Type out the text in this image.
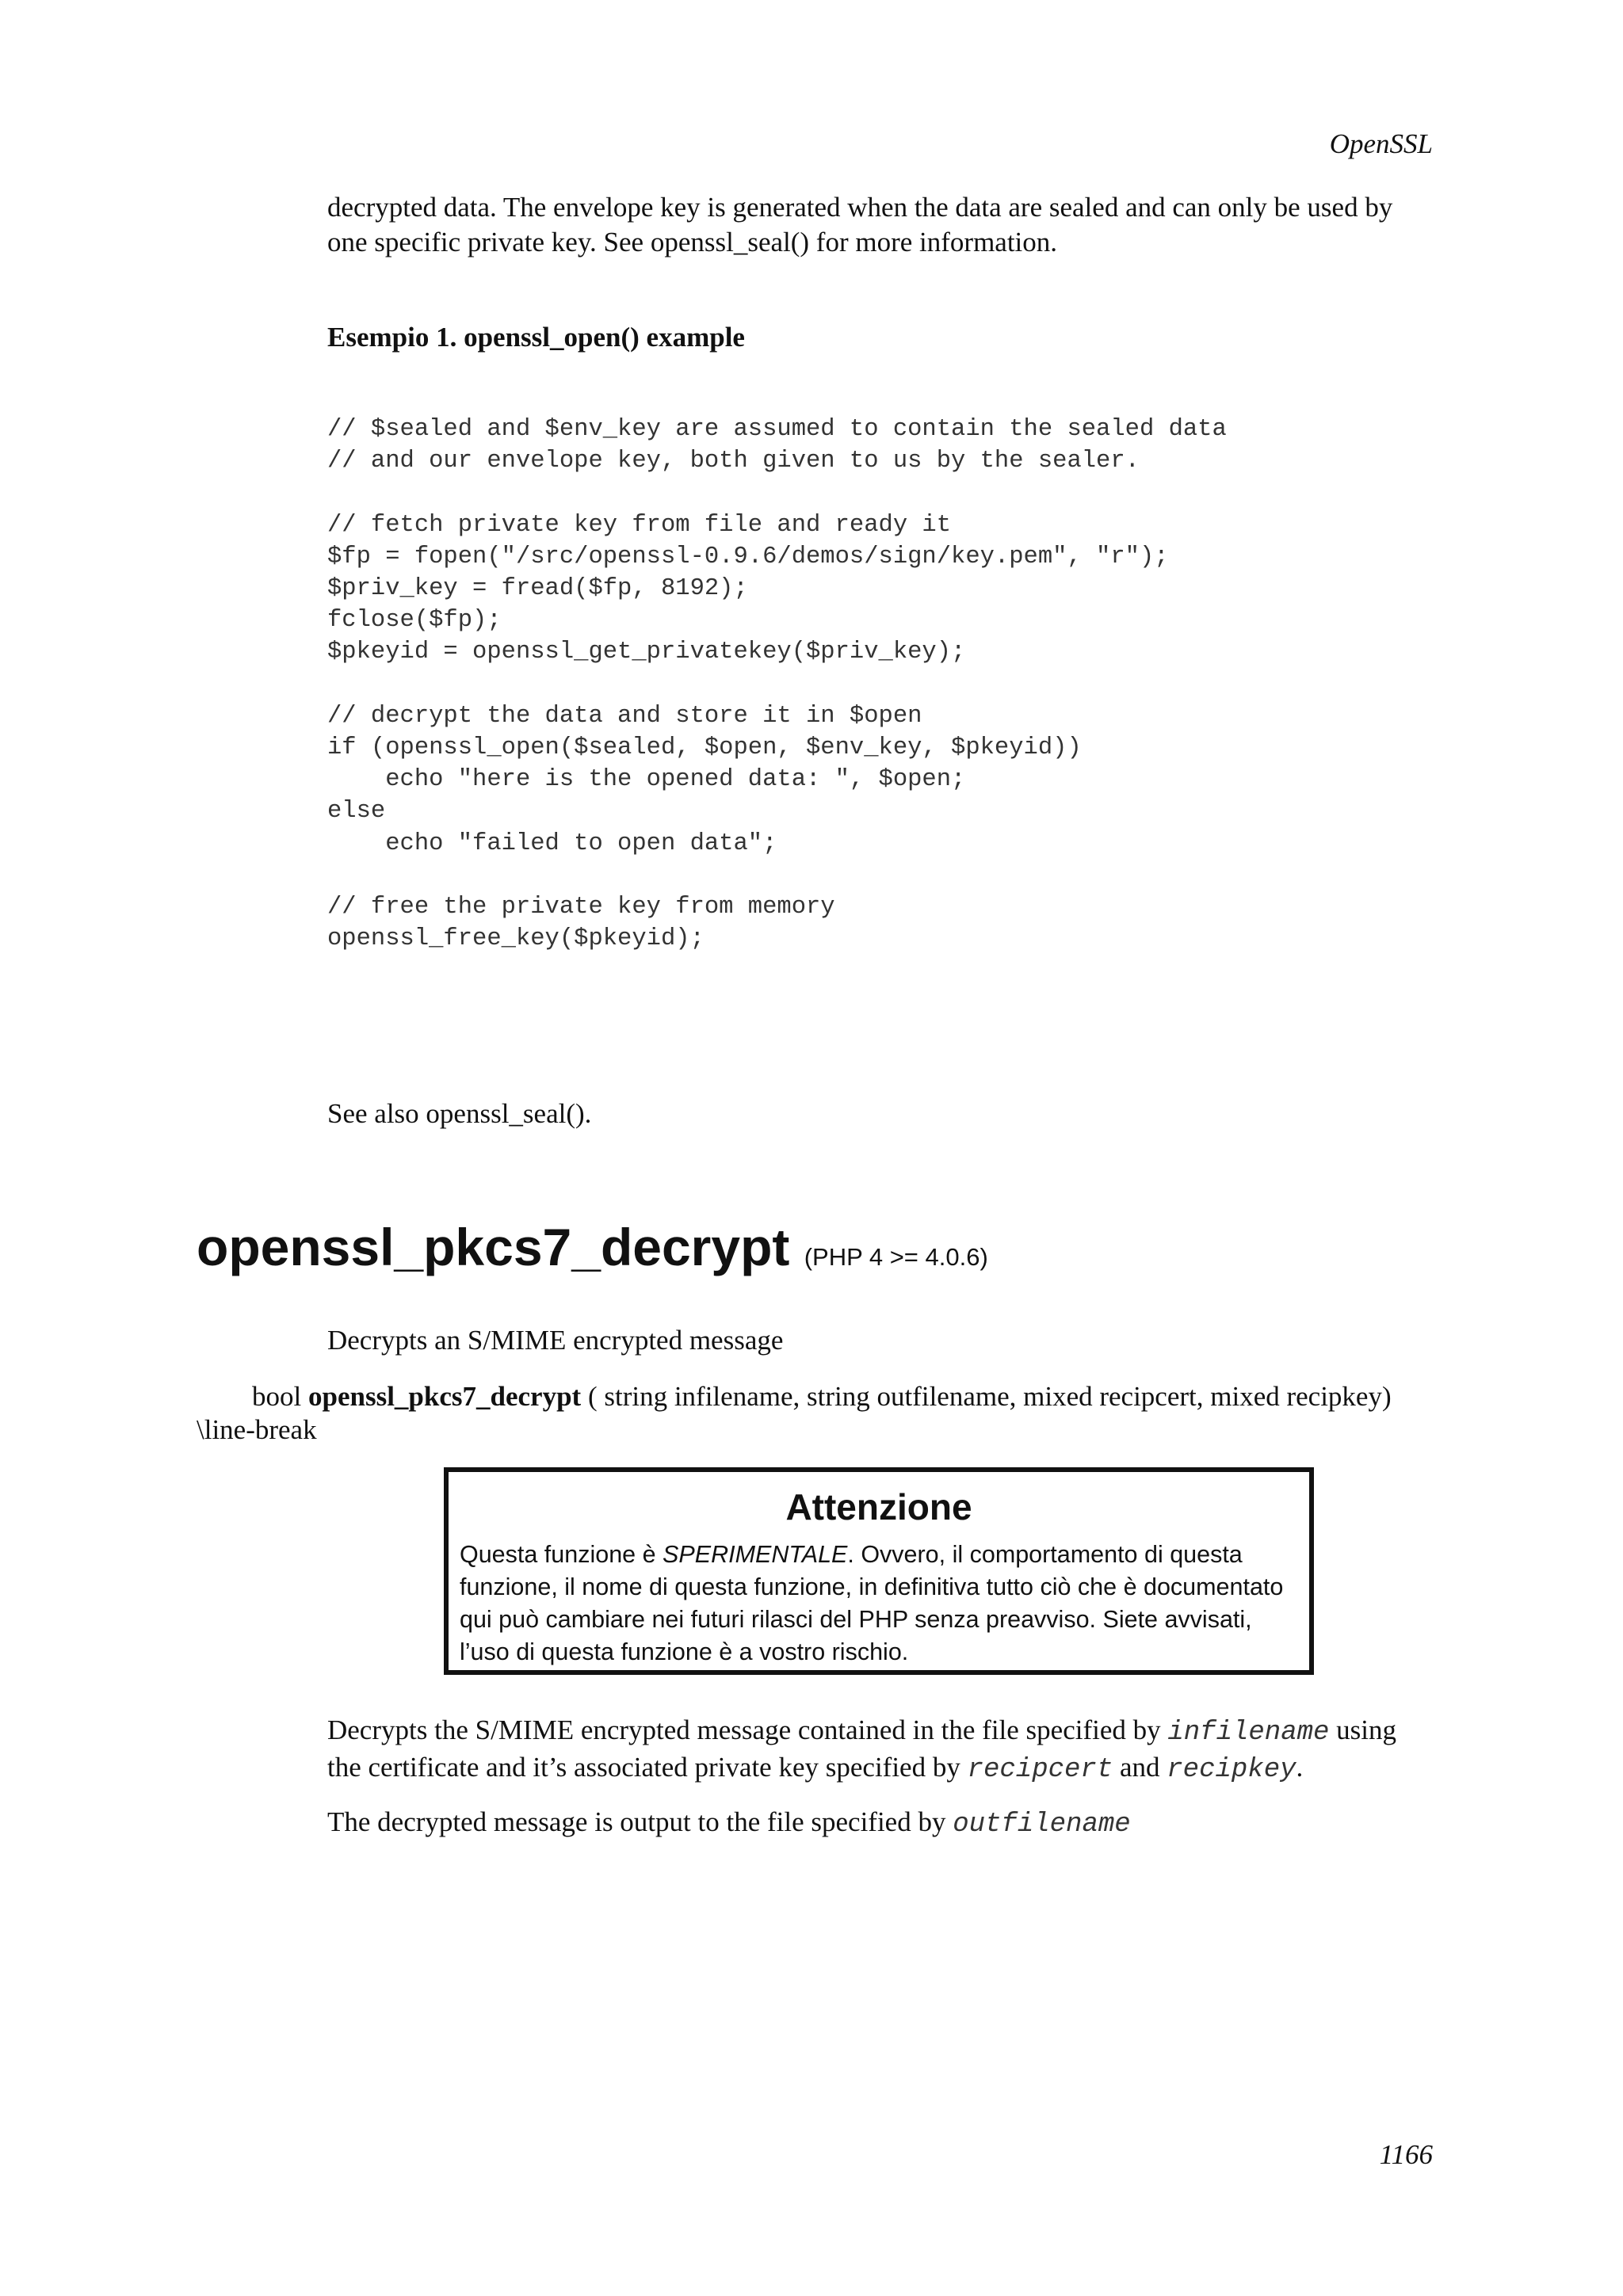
OpenSSL

decrypted data. The envelope key is generated when the data are sealed and can only be used by one specific private key. See openssl_seal() for more information.

Esempio 1. openssl_open() example

// $sealed and $env_key are assumed to contain the sealed data
// and our envelope key, both given to us by the sealer.

// fetch private key from file and ready it
$fp = fopen("/src/openssl-0.9.6/demos/sign/key.pem", "r");
$priv_key = fread($fp, 8192);
fclose($fp);
$pkeyid = openssl_get_privatekey($priv_key);

// decrypt the data and store it in $open
if (openssl_open($sealed, $open, $env_key, $pkeyid))
echo "here is the opened data: ", $open;
else
echo "failed to open data";

// free the private key from memory
openssl_free_key($pkeyid);

See also openssl_seal().

openssl_pkcs7_decrypt (PHP 4 >= 4.0.6)

Decrypts an S/MIME encrypted message

bool openssl_pkcs7_decrypt ( string infilename, string outfilename, mixed recipcert, mixed recipkey) \line-break

Attenzione

Questa funzione è SPERIMENTALE. Ovvero, il comportamento di questa funzione, il nome di questa funzione, in definitiva tutto ciò che è documentato qui può cambiare nei futuri rilasci del PHP senza preavviso. Siete avvisati, l’uso di questa funzione è a vostro rischio.

Decrypts the S/MIME encrypted message contained in the file specified by infilename using the certificate and it’s associated private key specified by recipcert and recipkey.

The decrypted message is output to the file specified by outfilename

1166
